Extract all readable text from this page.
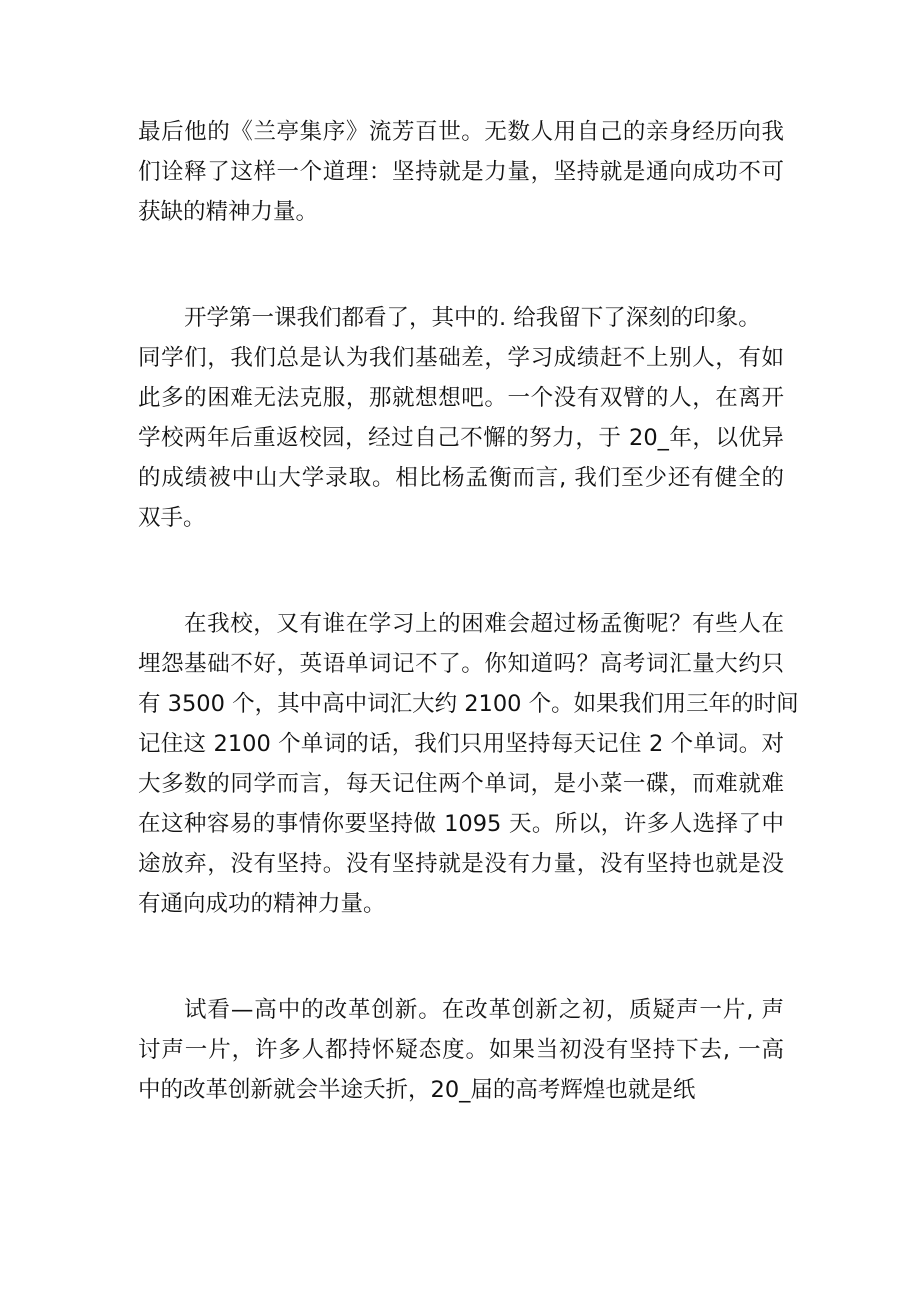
最后他的《兰亭集序》流芳百世。无数人用自己的亲身经历向我
们诠释了这样一个道理：坚持就是力量，坚持就是通向成功不可
获缺的精神力量。
开学第一课我们都看了，其中的. 给我留下了深刻的印象。
同学们，我们总是认为我们基础差，学习成绩赶不上别人，有如
此多的困难无法克服，那就想想吧。一个没有双臂的人，在离开
学校两年后重返校园，经过自己不懈的努力，于 20_年，以优异
的成绩被中山大学录取。相比杨孟衡而言, 我们至少还有健全的
双手。
在我校，又有谁在学习上的困难会超过杨孟衡呢？有些人在
埋怨基础不好，英语单词记不了。你知道吗？高考词汇量大约只
有 3500 个，其中高中词汇大约 2100 个。如果我们用三年的时间
记住这 2100 个单词的话，我们只用坚持每天记住 2 个单词。对
大多数的同学而言，每天记住两个单词，是小菜一碟，而难就难
在这种容易的事情你要坚持做 1095 天。所以，许多人选择了中
途放弃，没有坚持。没有坚持就是没有力量，没有坚持也就是没
有通向成功的精神力量。
试看—高中的改革创新。在改革创新之初，质疑声一片, 声
讨声一片，许多人都持怀疑态度。如果当初没有坚持下去, 一高
中的改革创新就会半途夭折，20_届的高考辉煌也就是纸
